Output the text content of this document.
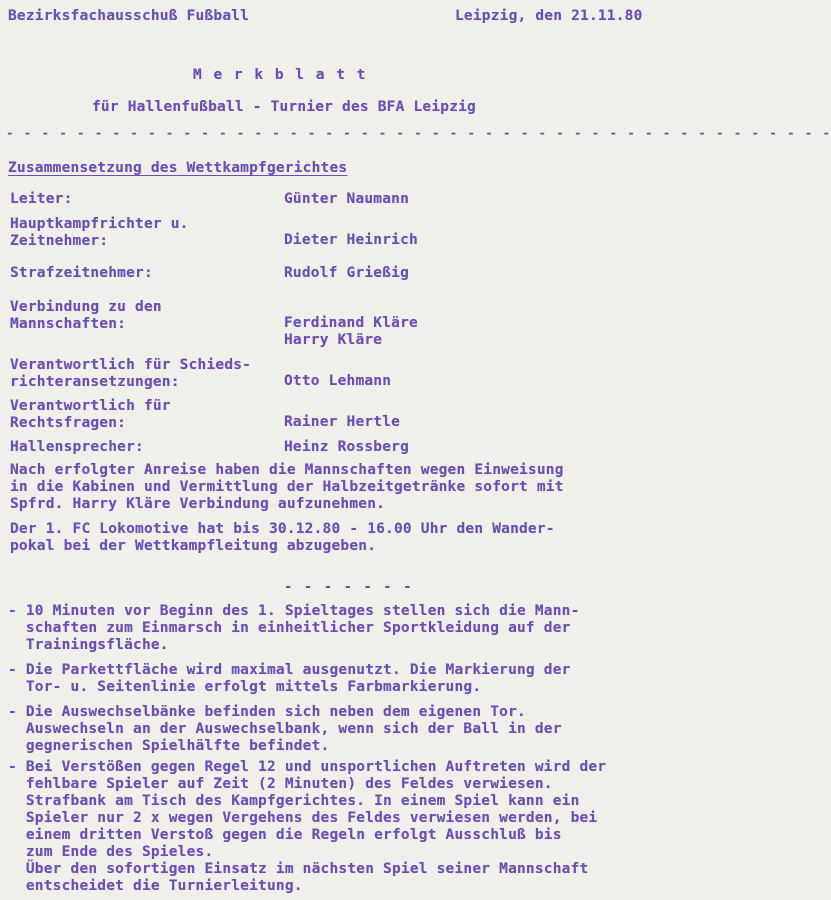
Bezirksfachausschuß Fußball	Leipzig, den 21.11.80
M e r k b l a t t
für Hallenfußball - Turnier des BFA Leipzig
- - - - - - - - - - - - - - - - - - - - - - - - - - - - - - - - - - - - - - - - - - - - - - -
Zusammensetzung des Wettkampfgerichtes
Leiter:	Günter Naumann
Hauptkampfrichter u.
Zeitnehmer:	Dieter Heinrich
Strafzeitnehmer:	Rudolf Grießig
Verbindung zu den
Mannschaften:	Ferdinand Kläre
Harry Kläre
Verantwortlich für Schieds-
richteransetzungen:	Otto Lehmann
Verantwortlich für
Rechtsfragen:	Rainer Hertle
Hallensprecher:	Heinz Rossberg
Nach erfolgter Anreise haben die Mannschaften wegen Einweisung
in die Kabinen und Vermittlung der Halbzeitgetränke sofort mit
Spfrd. Harry Kläre Verbindung aufzunehmen.
Der 1. FC Lokomotive hat bis 30.12.80 - 16.00 Uhr den Wander-
pokal bei der Wettkampfleitung abzugeben.
- - - - - - -
- 10 Minuten vor Beginn des 1. Spieltages stellen sich die Mann-
schaften zum Einmarsch in einheitlicher Sportkleidung auf der
Trainingsfläche.
- Die Parkettfläche wird maximal ausgenutzt. Die Markierung der
Tor- u. Seitenlinie erfolgt mittels Farbmarkierung.
- Die Auswechselbänke befinden sich neben dem eigenen Tor.
Auswechseln an der Auswechselbank, wenn sich der Ball in der
gegnerischen Spielhälfte befindet.
- Bei Verstößen gegen Regel 12 und unsportlichen Auftreten wird der
fehlbare Spieler auf Zeit (2 Minuten) des Feldes verwiesen.
Strafbank am Tisch des Kampfgerichtes. In einem Spiel kann ein
Spieler nur 2 x wegen Vergehens des Feldes verwiesen werden, bei
einem dritten Verstoß gegen die Regeln erfolgt Ausschluß bis
zum Ende des Spieles.
Über den sofortigen Einsatz im nächsten Spiel seiner Mannschaft
entscheidet die Turnierleitung.
